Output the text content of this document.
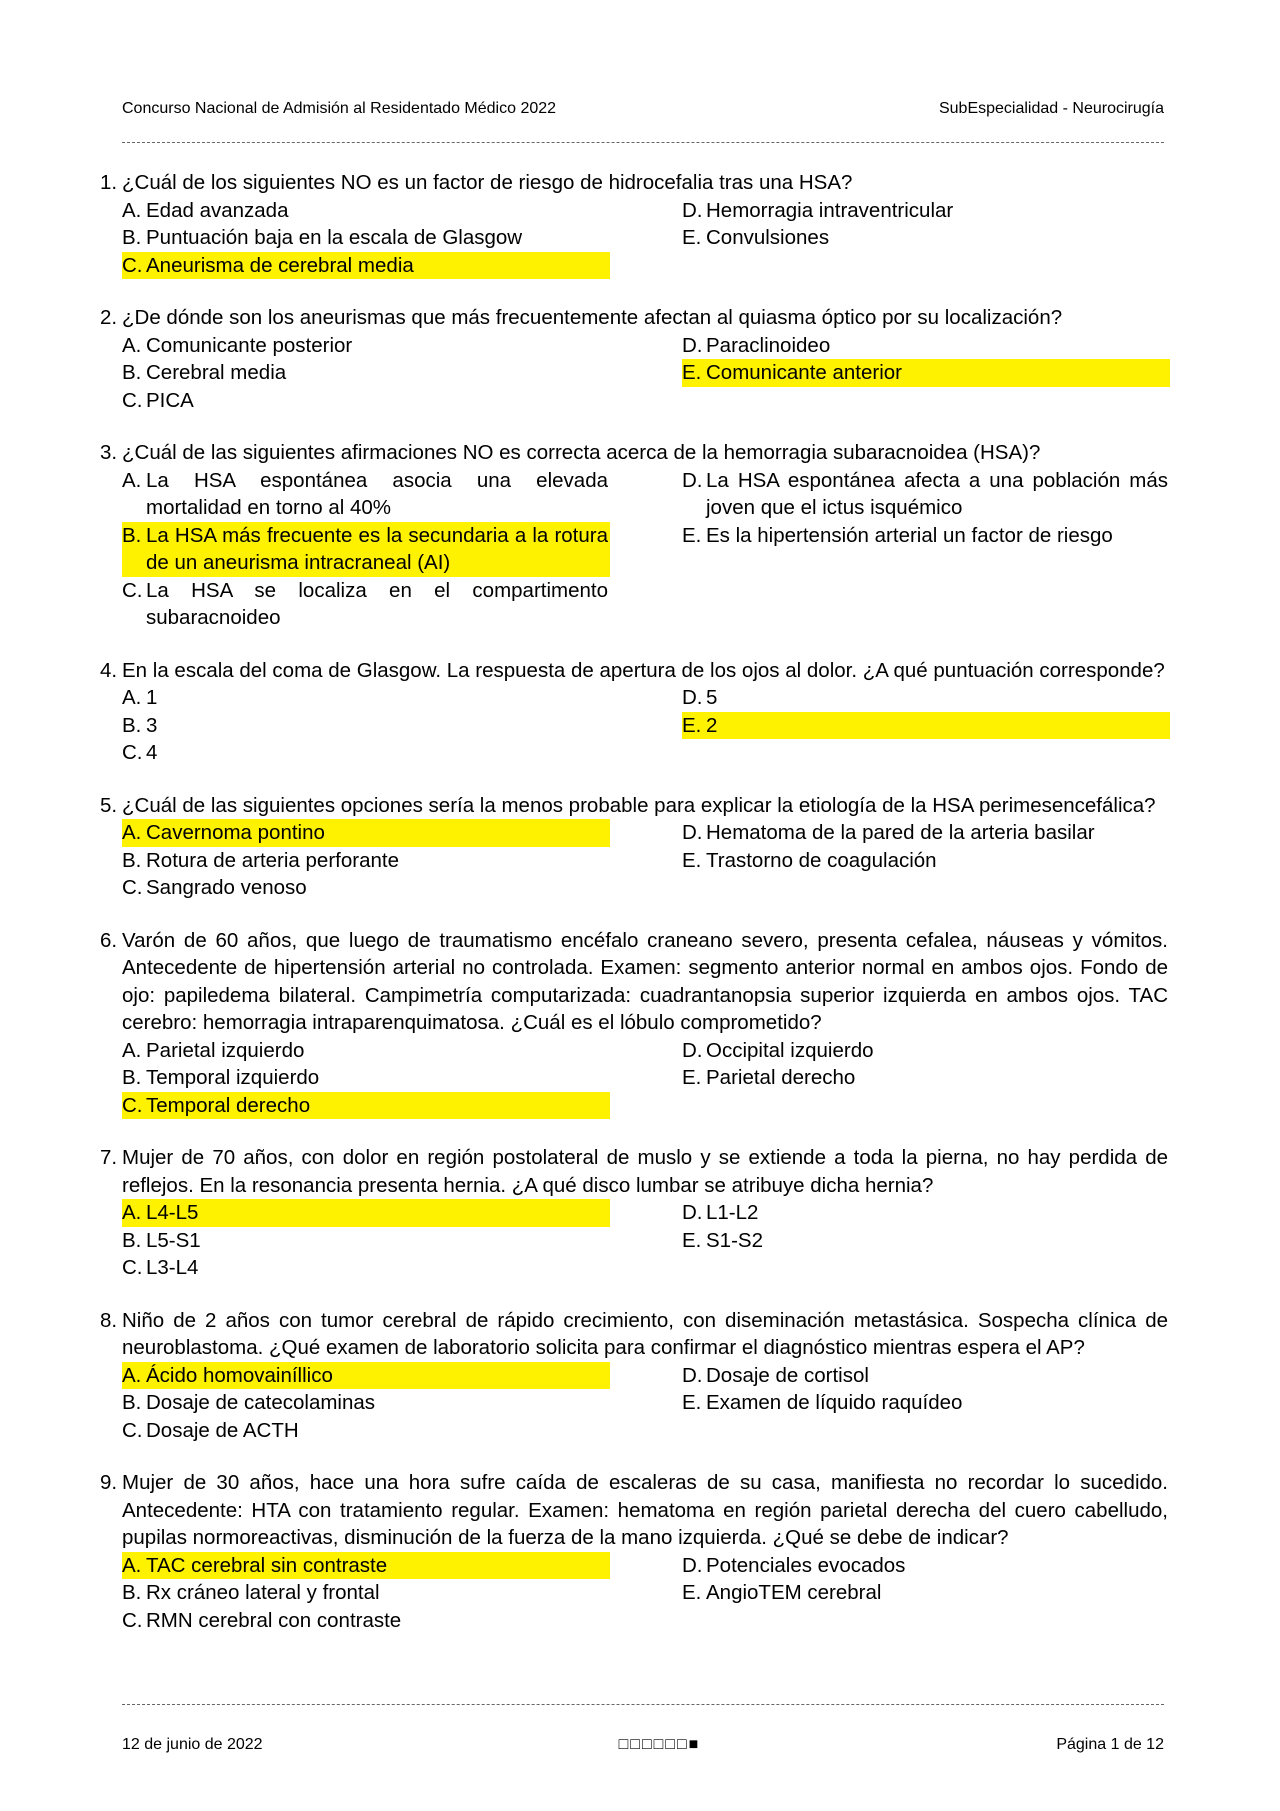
Concurso Nacional de Admisión al Residentado Médico 2022	SubEspecialidad - Neurocirugía
1. ¿Cuál de los siguientes NO es un factor de riesgo de hidrocefalia tras una HSA?
A. Edad avanzada	D. Hemorragia intraventricular
B. Puntuación baja en la escala de Glasgow	E. Convulsiones
C. Aneurisma de cerebral media
2. ¿De dónde son los aneurismas que más frecuentemente afectan al quiasma óptico por su localización?
A. Comunicante posterior	D. Paraclinoideo
B. Cerebral media	E. Comunicante anterior
C. PICA
3. ¿Cuál de las siguientes afirmaciones NO es correcta acerca de la hemorragia subaracnoidea (HSA)?
A. La HSA espontánea asocia una elevada mortalidad en torno al 40%
D. La HSA espontánea afecta a una población más joven que el ictus isquémico
B. La HSA más frecuente es la secundaria a la rotura de un aneurisma intracraneal (AI)
E. Es la hipertensión arterial un factor de riesgo
C. La HSA se localiza en el compartimento subaracnoideo
4. En la escala del coma de Glasgow. La respuesta de apertura de los ojos al dolor. ¿A qué puntuación corresponde?
A. 1	D. 5
B. 3	E. 2
C. 4
5. ¿Cuál de las siguientes opciones sería la menos probable para explicar la etiología de la HSA perimesencefálica?
A. Cavernoma pontino	D. Hematoma de la pared de la arteria basilar
B. Rotura de arteria perforante	E. Trastorno de coagulación
C. Sangrado venoso
6. Varón de 60 años, que luego de traumatismo encéfalo craneano severo, presenta cefalea, náuseas y vómitos. Antecedente de hipertensión arterial no controlada. Examen: segmento anterior normal en ambos ojos. Fondo de ojo: papiledema bilateral. Campimetría computarizada: cuadrantanopsia superior izquierda en ambos ojos. TAC cerebro: hemorragia intraparenquimatosa. ¿Cuál es el lóbulo comprometido?
A. Parietal izquierdo	D. Occipital izquierdo
B. Temporal izquierdo	E. Parietal derecho
C. Temporal derecho
7. Mujer de 70 años, con dolor en región postolateral de muslo y se extiende a toda la pierna, no hay perdida de reflejos. En la resonancia presenta hernia. ¿A qué disco lumbar se atribuye dicha hernia?
A. L4-L5	D. L1-L2
B. L5-S1	E. S1-S2
C. L3-L4
8. Niño de 2 años con tumor cerebral de rápido crecimiento, con diseminación metastásica. Sospecha clínica de neuroblastoma. ¿Qué examen de laboratorio solicita para confirmar el diagnóstico mientras espera el AP?
A. Ácido homovainíllico	D. Dosaje de cortisol
B. Dosaje de catecolaminas	E. Examen de líquido raquídeo
C. Dosaje de ACTH
9. Mujer de 30 años, hace una hora sufre caída de escaleras de su casa, manifiesta no recordar lo sucedido. Antecedente: HTA con tratamiento regular. Examen: hematoma en región parietal derecha del cuero cabelludo, pupilas normoreactivas, disminución de la fuerza de la mano izquierda. ¿Qué se debe de indicar?
A. TAC cerebral sin contraste	D. Potenciales evocados
B. Rx cráneo lateral y frontal	E. AngioTEM cerebral
C. RMN cerebral con contraste
12 de junio de 2022	□□□□□□■	Página 1 de 12
